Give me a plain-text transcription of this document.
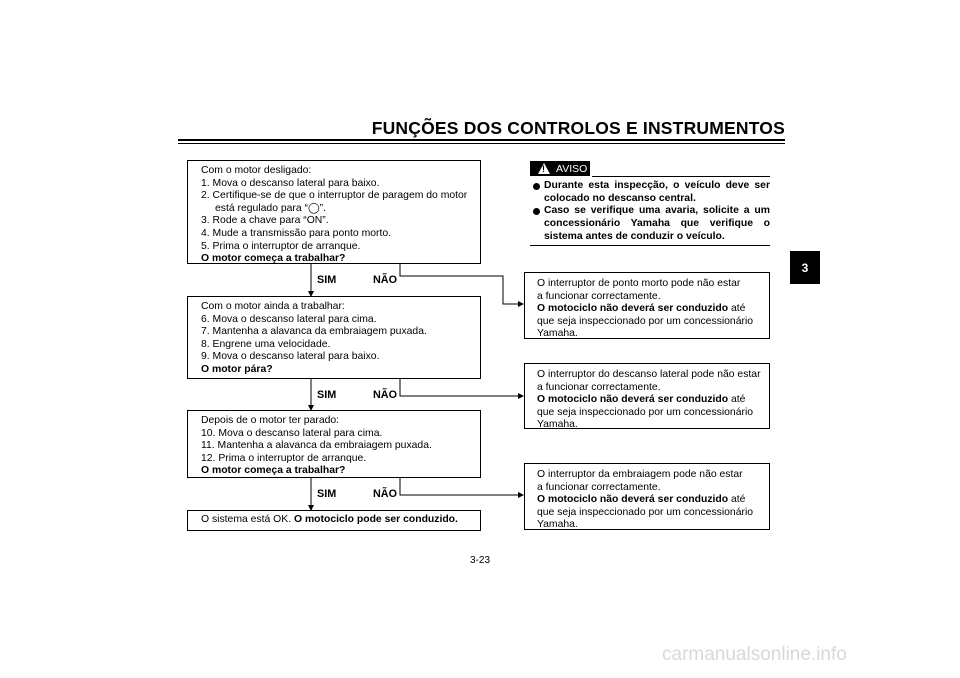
FUNÇÕES DOS CONTROLOS E INSTRUMENTOS
3

Com o motor desligado:

1. Mova o descanso lateral para baixo.

2. Certifique-se de que o interruptor de paragem do motor

está regulado para “◯”.

3. Rode a chave para “ON”.

4. Mude a transmissão para ponto morto.

5. Prima o interruptor de arranque.

O motor começa a trabalhar?

SIM	NÃO

Com o motor ainda a trabalhar:

6. Mova o descanso lateral para cima.

7. Mantenha a alavanca da embraiagem puxada.

8. Engrene uma velocidade.

9. Mova o descanso lateral para baixo.

O motor pára?

SIM	NÃO

Depois de o motor ter parado:

10. Mova o descanso lateral para cima.

11. Mantenha a alavanca da embraiagem puxada.

12. Prima o interruptor de arranque.

O motor começa a trabalhar?

SIM	NÃO

O sistema está OK. O motociclo pode ser conduzido.

! AVISO
Durante esta inspecção, o veículo deve ser colocado no descanso central.
Caso se verifique uma avaria, solicite a um concessionário Yamaha que verifique o sistema antes de conduzir o veículo.

O interruptor de ponto morto pode não estar

a funcionar correctamente.

O motociclo não deverá ser conduzido até

que seja inspeccionado por um concessionário

Yamaha.

O interruptor do descanso lateral pode não estar

a funcionar correctamente.

O motociclo não deverá ser conduzido até

que seja inspeccionado por um concessionário

Yamaha.

O interruptor da embraiagem pode não estar

a funcionar correctamente.

O motociclo não deverá ser conduzido até

que seja inspeccionado por um concessionário

Yamaha.

3-23
carmanualsonline.info
